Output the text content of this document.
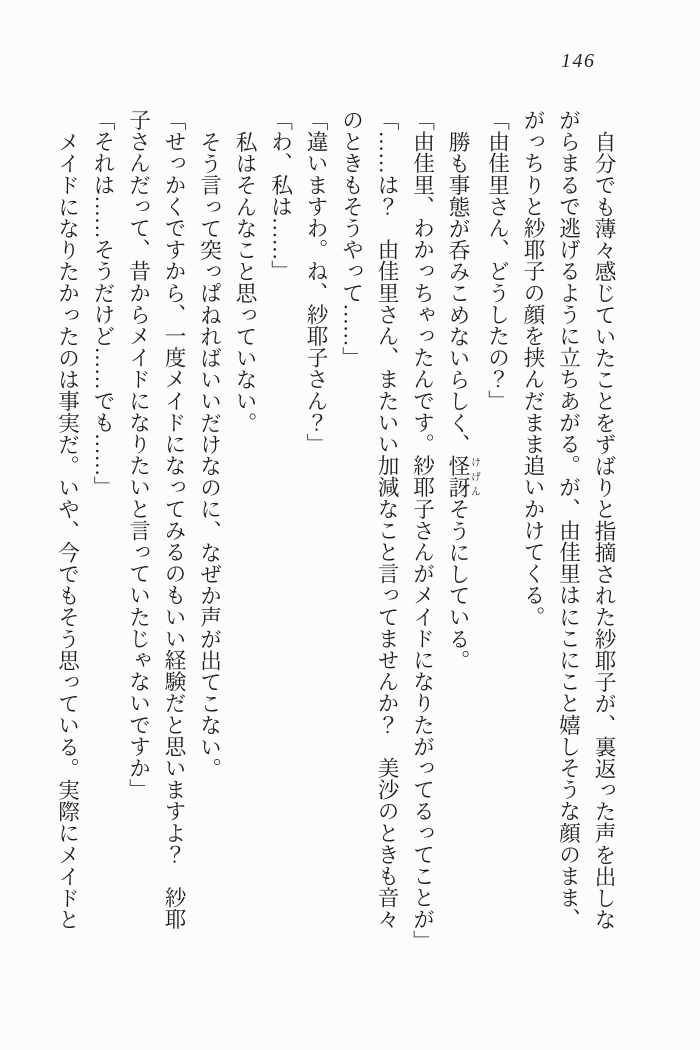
146

自分でも薄々感じていたことをずばりと指摘された紗耶子が、裏返った声を出しな

がらまるで逃げるように立ちあがる。が、由佳里はにこにこと嬉しそうな顔のまま、

がっちりと紗耶子の顔を挟んだまま追いかけてくる。

「由佳里さん、どうしたの？」

勝も事態が呑みこめないらしく、怪訝けげんそうにしている。

「由佳里、わかっちゃったんです。紗耶子さんがメイドになりたがってるってことが」

「……は？　由佳里さん、またいい加減なこと言ってませんか？　美沙のときも音々

のときもそうやって……」

「違いますわ。ね、紗耶子さん？」

「わ、私は……」

私はそんなこと思っていない。

そう言って突っぱねればいいだけなのに、なぜか声が出てこない。

「せっかくですから、一度メイドになってみるのもいい経験だと思いますよ？　紗耶

子さんだって、昔からメイドになりたいと言っていたじゃないですか」

「それは……そうだけど……でも……」

メイドになりたかったのは事実だ。いや、今でもそう思っている。実際にメイドと
